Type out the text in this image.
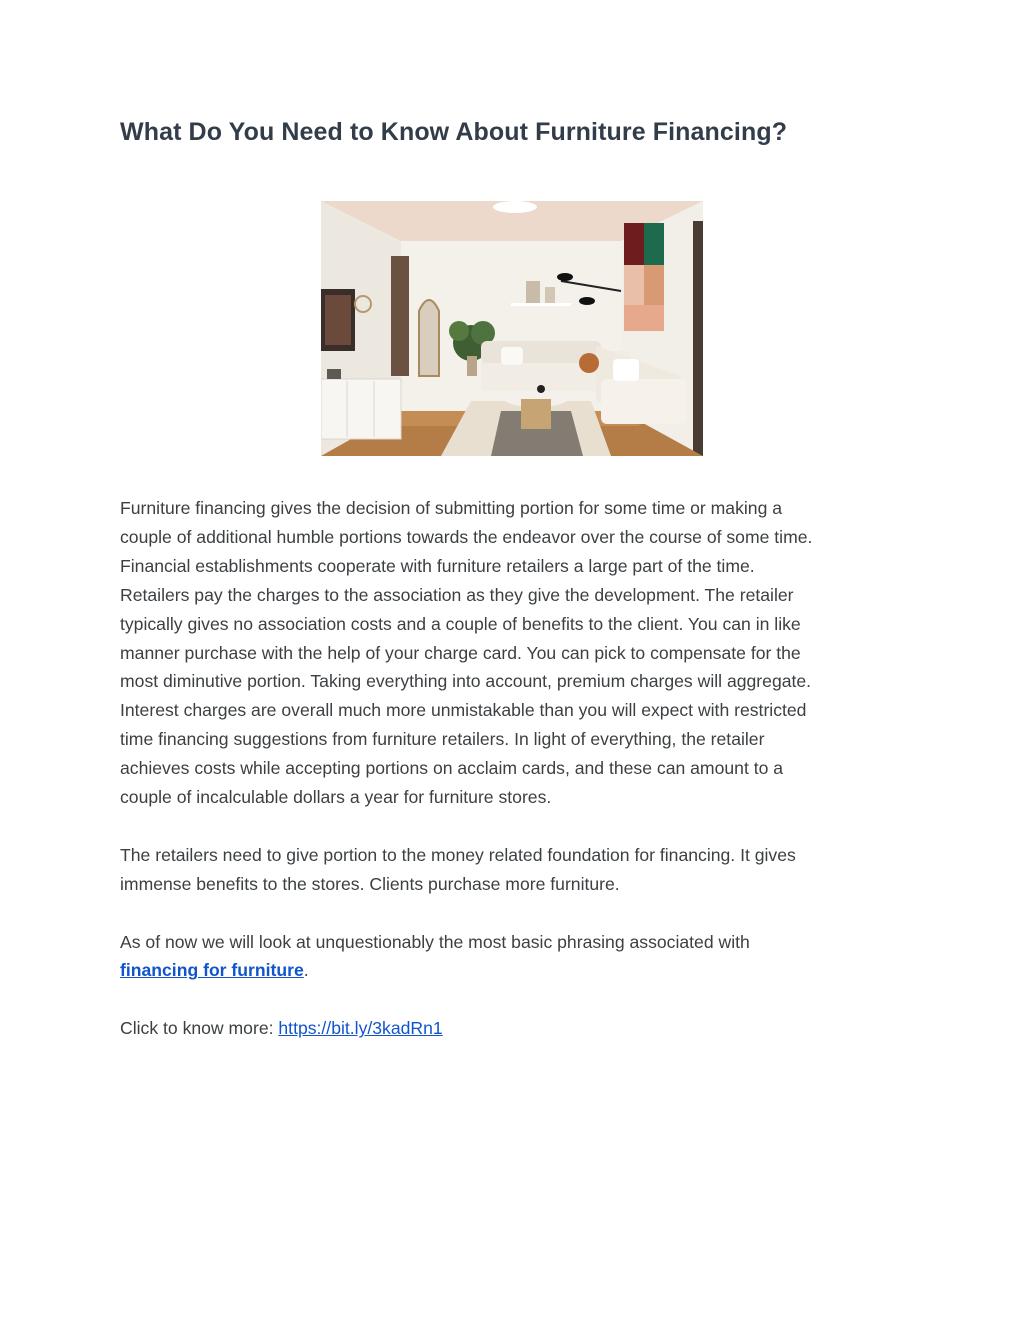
What Do You Need to Know About Furniture Financing?

Furniture financing gives the decision of submitting portion for some time or making a
couple of additional humble portions towards the endeavor over the course of some time.
Financial establishments cooperate with furniture retailers a large part of the time.
Retailers pay the charges to the association as they give the development. The retailer
typically gives no association costs and a couple of benefits to the client. You can in like
manner purchase with the help of your charge card. You can pick to compensate for the
most diminutive portion. Taking everything into account, premium charges will aggregate.
Interest charges are overall much more unmistakable than you will expect with restricted
time financing suggestions from furniture retailers. In light of everything, the retailer
achieves costs while accepting portions on acclaim cards, and these can amount to a
couple of incalculable dollars a year for furniture stores.

The retailers need to give portion to the money related foundation for financing. It gives
immense benefits to the stores. Clients purchase more furniture.

As of now we will look at unquestionably the most basic phrasing associated with
financing for furniture.

Click to know more: https://bit.ly/3kadRn1
